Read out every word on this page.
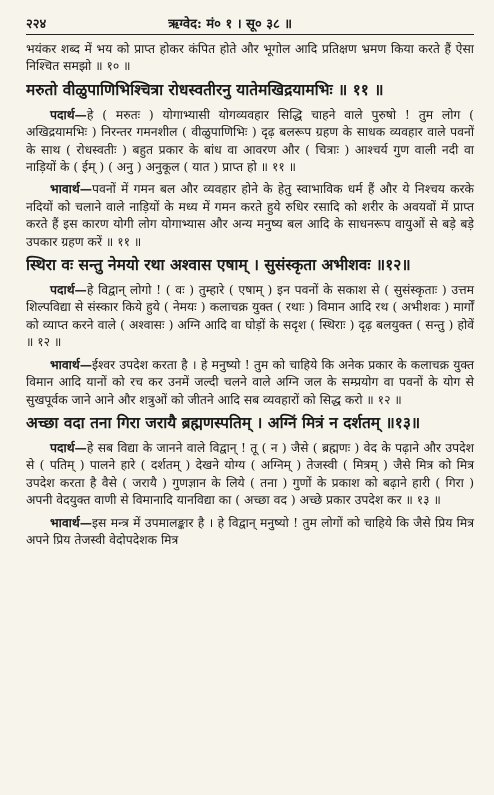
२२४	ऋग्वेद: मं० १ । सू० ३८ ॥

भयंकर शब्द में भय को प्राप्त होकर कंपित होते और भूगोल आदि प्रतिक्षण भ्रमण किया करते हैं ऐसा निश्चित समझो ॥ १० ॥

मरुतो वीळुपाणिभिश्चित्रा रोधस्वतीरनु यातेमखिद्रयामभिः ॥ ११ ॥

पदार्थ—हे ( मरुतः ) योगाभ्यासी योगव्यवहार सिद्धि चाहने वाले पुरुषो ! तुम लोग ( अखिद्रयामभिः ) निरन्तर गमनशील ( वीळुपाणिभिः ) दृढ़ बलरूप ग्रहण के साधक व्यवहार वाले पवनों के साथ ( रोधस्वतीः ) बहुत प्रकार के बांध वा आवरण और ( चित्राः ) आश्चर्य गुण वाली नदी वा नाड़ियों के ( ईम् ) ( अनु ) अनुकूल ( यात ) प्राप्त हो ॥ ११ ॥

भावार्थ—पवनों में गमन बल और व्यवहार होने के हेतु स्वाभाविक धर्म हैं और ये निश्चय करके नदियों को चलाने वाले नाड़ियों के मध्य में गमन करते हुये रुधिर रसादि को शरीर के अवयवों में प्राप्त करते हैं इस कारण योगी लोग योगाभ्यास और अन्य मनुष्य बल आदि के साधनरूप वायुओं से बड़े बड़े उपकार ग्रहण करें ॥ ११ ॥

स्थिरा वः सन्तु नेमयो रथा अश्वास एषाम् । सुसंस्कृता अभीशवः ॥१२॥

पदार्थ—हे विद्वान् लोगो ! ( वः ) तुम्हारे ( एषाम् ) इन पवनों के सकाश से ( सुसंस्कृताः ) उत्तम शिल्पविद्या से संस्कार किये हुये ( नेमयः ) कलाचक्र युक्त ( रथाः ) विमान आदि रथ ( अभीशवः ) मार्गों को व्याप्त करने वाले ( अश्वासः ) अग्नि आदि वा घोड़ों के सदृश ( स्थिराः ) दृढ़ बलयुक्त ( सन्तु ) होवें ॥ १२ ॥

भावार्थ—ईश्वर उपदेश करता है । हे मनुष्यो ! तुम को चाहिये कि अनेक प्रकार के कलाचक्र युक्त विमान आदि यानों को रच कर उनमें जल्दी चलने वाले अग्नि जल के सम्प्रयोग वा पवनों के योग से सुखपूर्वक जाने आने और शत्रुओं को जीतने आदि सब व्यवहारों को सिद्ध करो ॥ १२ ॥

अच्छा वदा तना गिरा जरायै ब्रह्मणस्पतिम् । अग्निं मित्रं न दर्शतम् ॥१३॥

पदार्थ—हे सब विद्या के जानने वाले विद्वान् ! तू ( न ) जैसे ( ब्रह्मणः ) वेद के पढ़ाने और उपदेश से ( पतिम् ) पालने हारे ( दर्शतम् ) देखने योग्य ( अग्निम् ) तेजस्वी ( मित्रम् ) जैसे मित्र को मित्र उपदेश करता है वैसे ( जरायै ) गुणज्ञान के लिये ( तना ) गुणों के प्रकाश को बढ़ाने हारी ( गिरा ) अपनी वेदयुक्त वाणी से विमानादि यानविद्या का ( अच्छा वद ) अच्छे प्रकार उपदेश कर ॥ १३ ॥

भावार्थ—इस मन्त्र में उपमालङ्कार है । हे विद्वान् मनुष्यो ! तुम लोगों को चाहिये कि जैसे प्रिय मित्र अपने प्रिय तेजस्वी वेदोपदेशक मित्र
